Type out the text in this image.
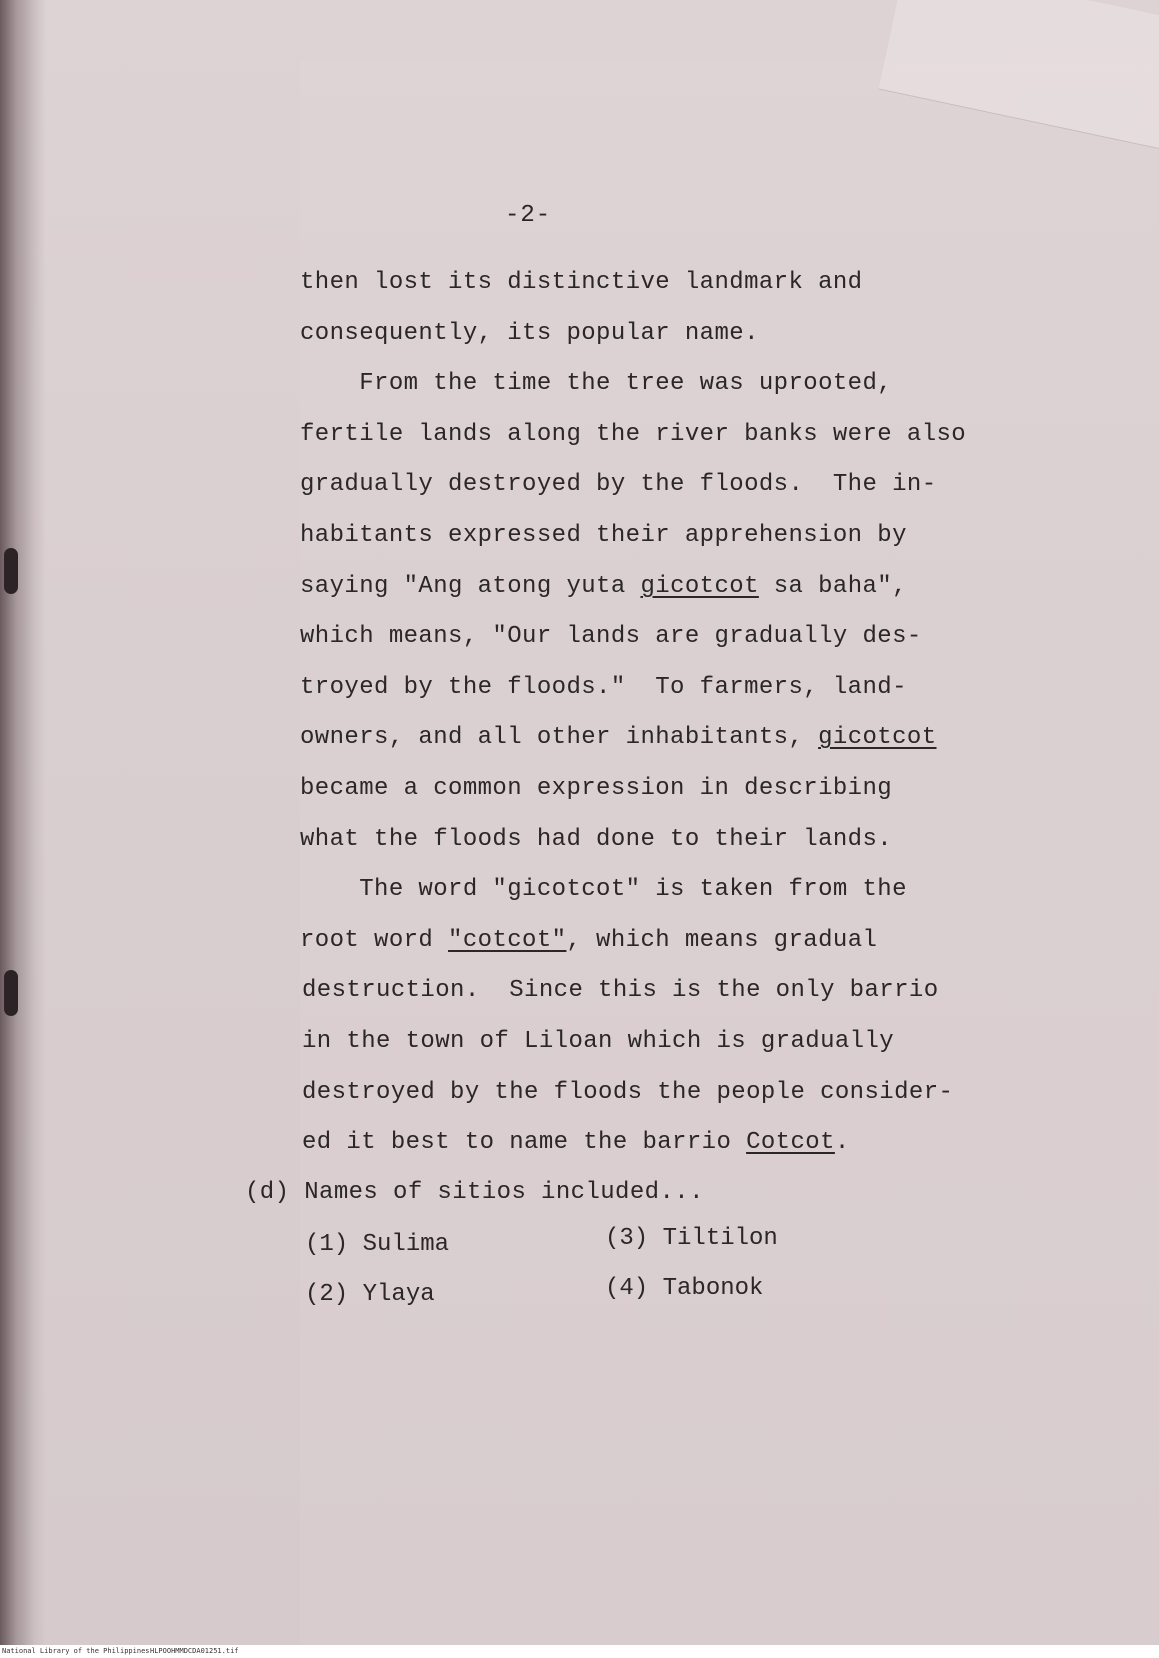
-2-
then lost its distinctive landmark and
consequently, its popular name.
From the time the tree was uprooted,
fertile lands along the river banks were also
gradually destroyed by the floods.  The in-
habitants expressed their apprehension by
saying "Ang atong yuta gicotcot sa baha",
which means, "Our lands are gradually des-
troyed by the floods."  To farmers, land-
owners, and all other inhabitants, gicotcot
became a common expression in describing
what the floods had done to their lands.
The word "gicotcot" is taken from the
root word "cotcot", which means gradual
destruction.  Since this is the only barrio
in the town of Liloan which is gradually
destroyed by the floods the people consider-
ed it best to name the barrio Cotcot.
(d) Names of sitios included...
(1) Sulima	(3) Tiltilon
(2) Ylaya	(4) Tabonok
National Library of the Philippines HLPOOHMMDCDA01251.tif
